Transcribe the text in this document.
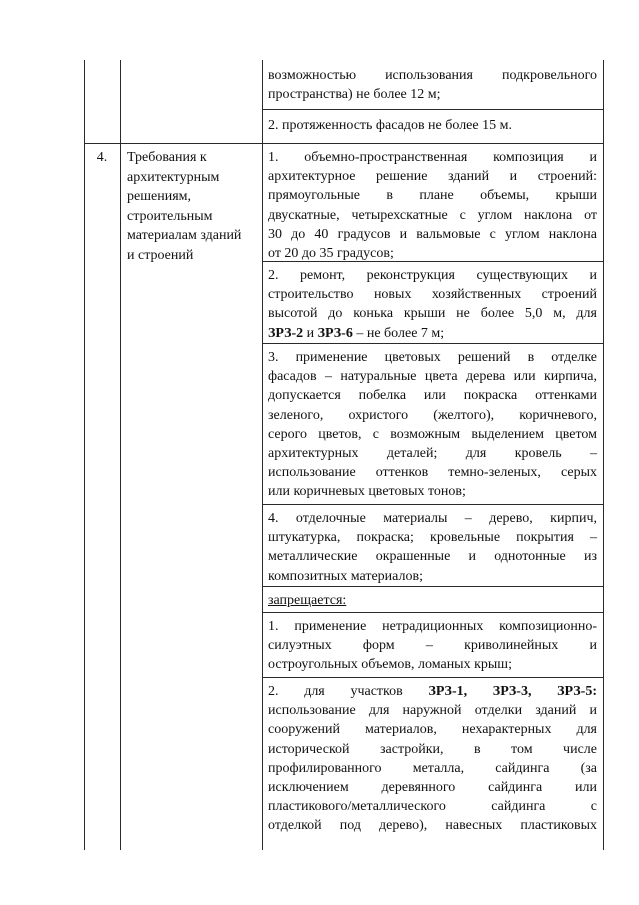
возможностью использования подкровельного
пространства) не более 12 м;
2. протяженность фасадов не более 15 м.
4.	Требования к
архитектурным
решениям,
строительным
материалам зданий
и строений
1. объемно-пространственная композиция и
архитектурное решение зданий и строений:
прямоугольные в плане объемы, крыши
двускатные, четырехскатные с углом наклона от
30 до 40 градусов и вальмовые с углом наклона
от 20 до 35 градусов;
2. ремонт, реконструкция существующих и
строительство новых хозяйственных строений
высотой до конька крыши не более 5,0 м, для
ЗРЗ-2 и ЗРЗ-6 – не более 7 м;
3. применение цветовых решений в отделке
фасадов – натуральные цвета дерева или кирпича,
допускается побелка или покраска оттенками
зеленого, охристого (желтого), коричневого,
серого цветов, с возможным выделением цветом
архитектурных деталей; для кровель –
использование оттенков темно-зеленых, серых
или коричневых цветовых тонов;
4. отделочные материалы – дерево, кирпич,
штукатурка, покраска; кровельные покрытия –
металлические окрашенные и однотонные из
композитных материалов;
запрещается:
1. применение нетрадиционных композиционно-
силуэтных форм – криволинейных и
остроугольных объемов, ломаных крыш;
2. для участков ЗРЗ-1, ЗРЗ-3, ЗРЗ-5:
использование для наружной отделки зданий и
сооружений материалов, нехарактерных для
исторической застройки, в том числе
профилированного металла, сайдинга (за
исключением деревянного сайдинга или
пластикового/металлического сайдинга с
отделкой под дерево), навесных пластиковых
